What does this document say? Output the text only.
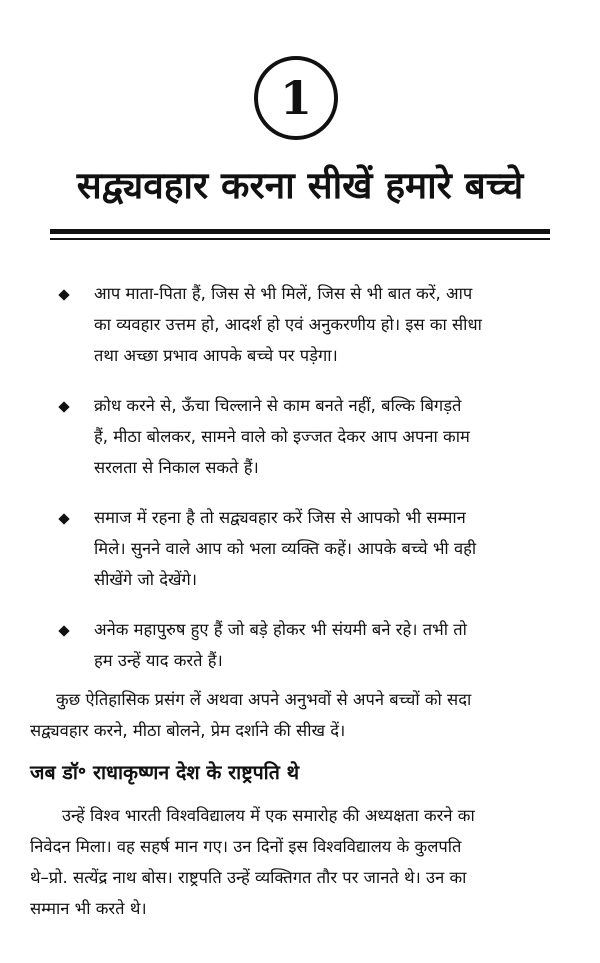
1
सद्व्यवहार करना सीखें हमारे बच्चे
आप माता-पिता हैं, जिस से भी मिलें, जिस से भी बात करें, आप
का व्यवहार उत्तम हो, आदर्श हो एवं अनुकरणीय हो। इस का सीधा
तथा अच्छा प्रभाव आपके बच्चे पर पड़ेगा।
क्रोध करने से, ऊँचा चिल्लाने से काम बनते नहीं, बल्कि बिगड़ते
हैं, मीठा बोलकर, सामने वाले को इज्जत देकर आप अपना काम
सरलता से निकाल सकते हैं।
समाज में रहना है तो सद्व्यवहार करें जिस से आपको भी सम्मान
मिले। सुनने वाले आप को भला व्यक्ति कहें। आपके बच्चे भी वही
सीखेंगे जो देखेंगे।
अनेक महापुरुष हुए हैं जो बड़े होकर भी संयमी बने रहे। तभी तो
हम उन्हें याद करते हैं।

कुछ ऐतिहासिक प्रसंग लें अथवा अपने अनुभवों से अपने बच्चों को सदा
सद्व्यवहार करने, मीठा बोलने, प्रेम दर्शाने की सीख दें।

जब डॉ॰ राधाकृष्णन देश के राष्ट्रपति थे

उन्हें विश्व भारती विश्वविद्यालय में एक समारोह की अध्यक्षता करने का
निवेदन मिला। वह सहर्ष मान गए। उन दिनों इस विश्वविद्यालय के कुलपति
थे–प्रो. सत्येंद्र नाथ बोस। राष्ट्रपति उन्हें व्यक्तिगत तौर पर जानते थे। उन का
सम्मान भी करते थे।
